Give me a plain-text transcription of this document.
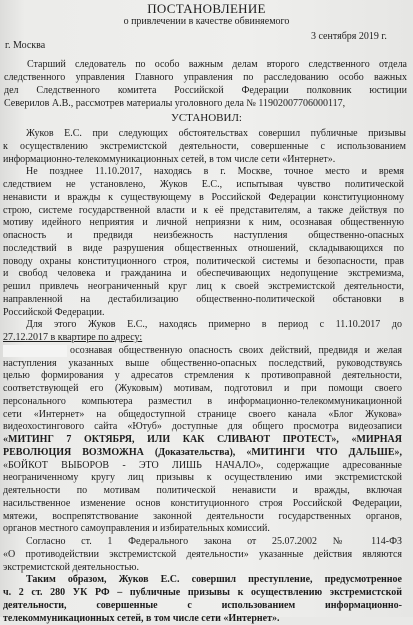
ПОСТАНОВЛЕНИЕ
о привлечении в качестве обвиняемого
г. Москва
3 сентября 2019 г.
Старший следователь по особо важным делам второго следственного отдела
следственного управления Главного управления по расследованию особо важных
дел Следственного комитета Российской Федерации полковник юстиции
Северилов А.В., рассмотрев материалы уголовного дела № 11902007706000117,
УСТАНОВИЛ:
Жуков Е.С. при следующих обстоятельствах совершил публичные призывы
к осуществлению экстремистской деятельности, совершенные с использованием
информационно-телекоммуникационных сетей, в том числе сети «Интернет».
Не позднее 11.10.2017, находясь в г. Москве, точное место и время
следствием не установлено, Жуков Е.С., испытывая чувство политической
ненависти и вражды к существующему в Российской Федерации конституционному
строю, системе государственной власти и к её представителям, а также действуя по
мотиву идейного неприятия и личной неприязни к ним, осознавая общественную
опасность и предвидя неизбежность наступления общественно-опасных
последствий в виде разрушения общественных отношений, складывающихся по
поводу охраны конституционного строя, политической системы и безопасности, прав
и свобод человека и гражданина и обеспечивающих недопущение экстремизма,
решил привлечь неограниченный круг лиц к своей экстремистской деятельности,
направленной на дестабилизацию общественно-политической обстановки в
Российской Федерации.
Для этого Жуков Е.С., находясь примерно в период с 11.10.2017 до
27.12.2017 в квартире по адресу:
осознавая общественную опасность своих действий, предвидя и желая
наступления указанных выше общественно-опасных последствий, руководствуясь
целью формирования у адресатов стремления к противоправной деятельности,
соответствующей его (Жуковым) мотивам, подготовил и при помощи своего
персонального компьютера разместил в информационно-телекоммуникационной
сети «Интернет» на общедоступной странице своего канала «Блог Жукова»
видеохостингового сайта «Ютуб» доступные для общего просмотра видеозаписи
«МИТИНГ 7 ОКТЯБРЯ, ИЛИ КАК СЛИВАЮТ ПРОТЕСТ», «МИРНАЯ
РЕВОЛЮЦИЯ ВОЗМОЖНА (Доказательства), «МИТИНГИ ЧТО ДАЛЬШЕ»,
«БОЙКОТ ВЫБОРОВ - ЭТО ЛИШЬ НАЧАЛО», содержащие адресованные
неограниченному кругу лиц призывы к осуществлению ими экстремистской
деятельности по мотивам политической ненависти и вражды, включая
насильственное изменение основ конституционного строя Российской Федерации,
мятежи, воспрепятствование законной деятельности государственных органов,
органов местного самоуправления и избирательных комиссий.
Согласно ст. 1 Федерального закона от 25.07.2002 № 114-ФЗ
«О противодействии экстремистской деятельности» указанные действия являются
экстремистской деятельностью.
Таким образом, Жуков Е.С. совершил преступление, предусмотренное
ч. 2 ст. 280 УК РФ – публичные призывы к осуществлению экстремистской
деятельности, совершенные с использованием информационно-
телекоммуникационных сетей, в том числе сети «Интернет».
